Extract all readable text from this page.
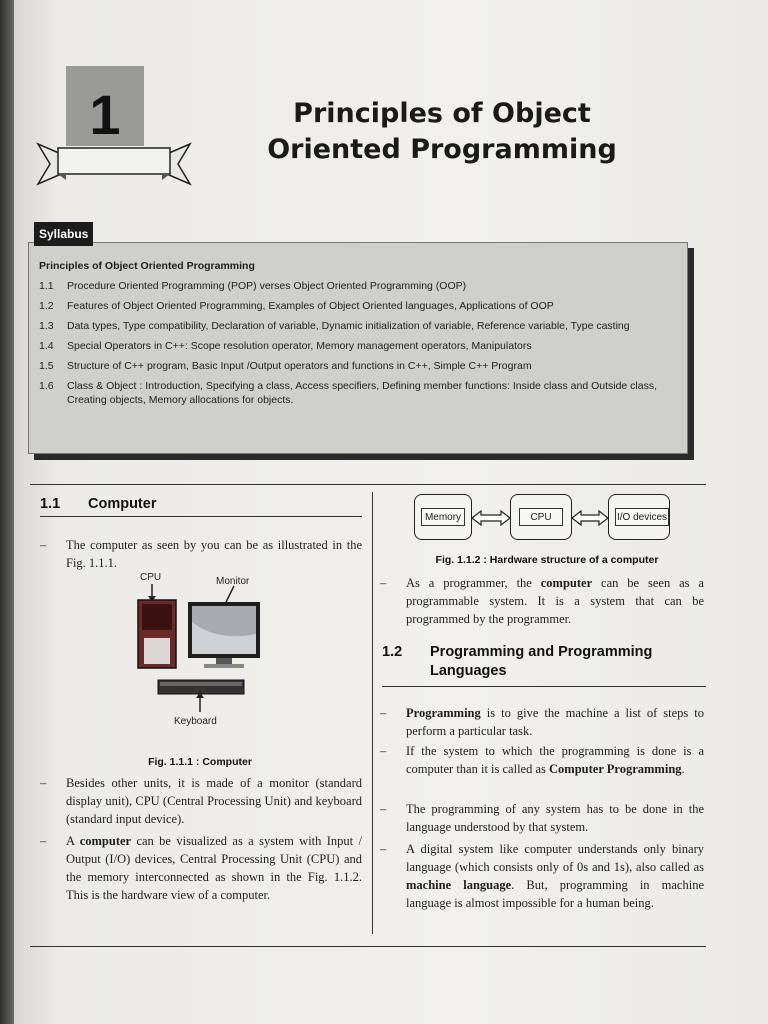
1	Principles of Object
Oriented Programming
Principles of Object Oriented Programming
1.1	Procedure Oriented Programming (POP) verses Object Oriented Programming (OOP)
1.2	Features of Object Oriented Programming, Examples of Object Oriented languages, Applications of OOP
1.3	Data types, Type compatibility, Declaration of variable, Dynamic initialization of variable, Reference variable, Type casting
1.4	Special Operators in C++: Scope resolution operator, Memory management operators, Manipulators
1.5	Structure of C++ program, Basic Input /Output operators and functions in C++, Simple C++ Program
1.6	Class & Object : Introduction, Specifying a class, Access specifiers, Defining member functions: Inside class and Outside class, Creating objects, Memory allocations for objects.
Syllabus
1.1 Computer
– The computer as seen by you can be as illustrated in the Fig. 1.1.1.
CPU	Monitor
Keyboard
Fig. 1.1.1 : Computer
– Besides other units, it is made of a monitor (standard display unit), CPU (Central Processing Unit) and keyboard (standard input device).
– A computer can be visualized as a system with Input / Output (I/O) devices, Central Processing Unit (CPU) and the memory interconnected as shown in the Fig. 1.1.2. This is the hardware view of a computer.
Memory	CPU	I/O devices
Fig. 1.1.2 : Hardware structure of a computer
– As a programmer, the computer can be seen as a programmable system. It is a system that can be programmed by the programmer.
1.2 Programming and Programming
Languages
– Programming is to give the machine a list of steps to perform a particular task.
– If the system to which the programming is done is a computer than it is called as Computer Programming.
– The programming of any system has to be done in the language understood by that system.
– A digital system like computer understands only binary language (which consists only of 0s and 1s), also called as machine language. But, programming in machine language is almost impossible for a human being.
